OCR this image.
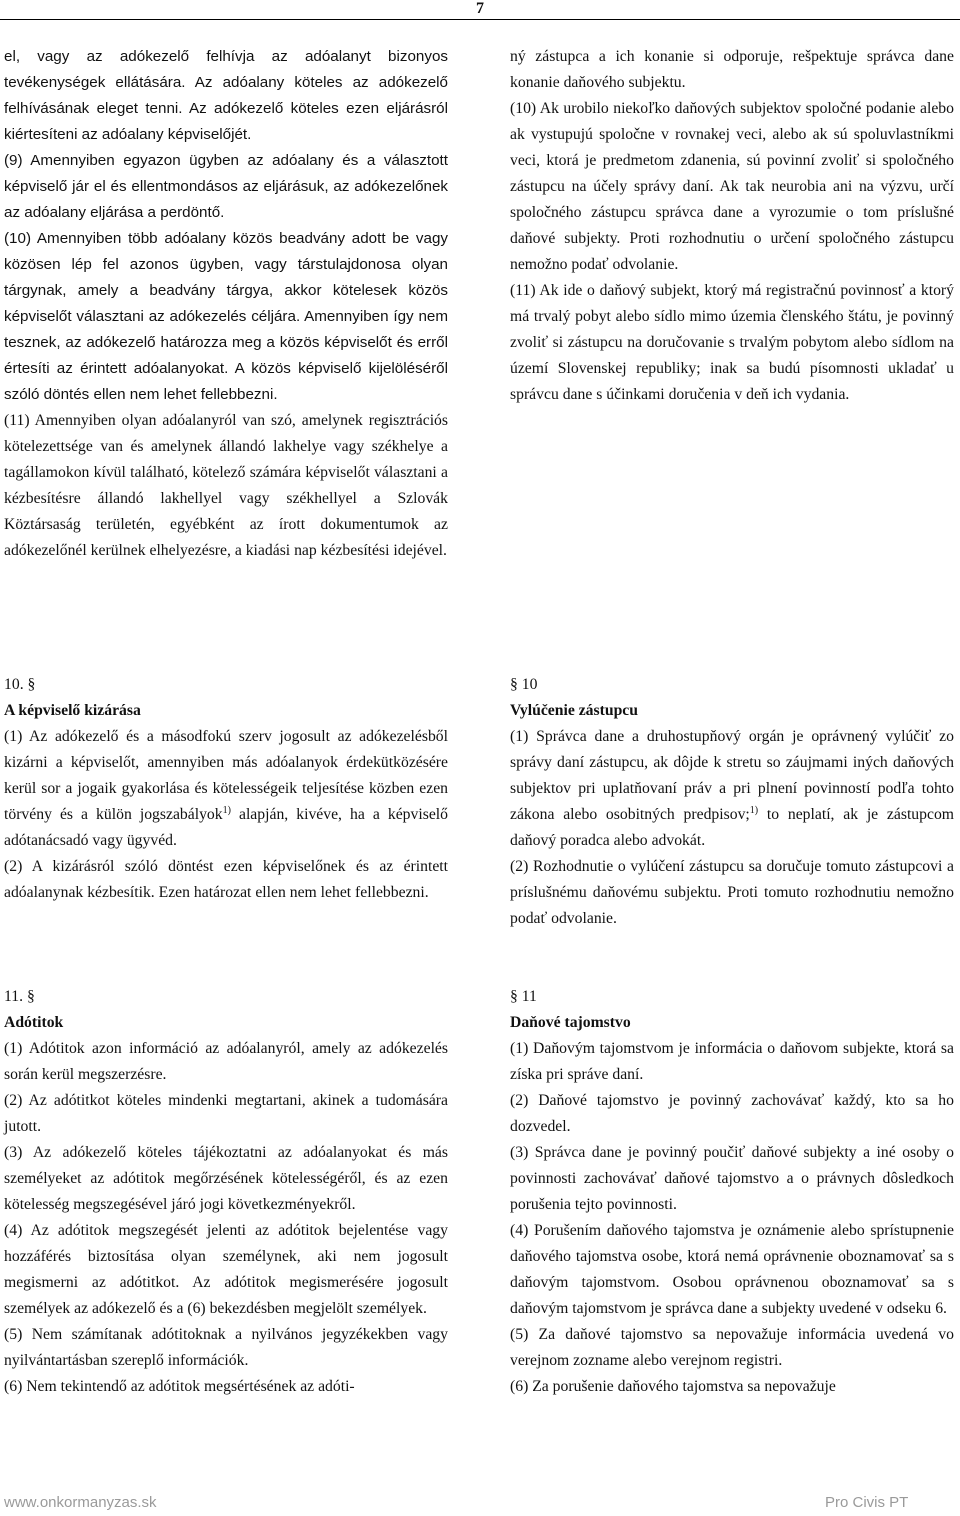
7

el, vagy az adókezelő felhívja az adóalanyt bizonyos tevékenységek ellátására. Az adóalany köteles az adókezelő felhívásának eleget tenni. Az adókezelő köteles ezen eljárásról kiértesíteni az adóalany képviselőjét.

(9) Amennyiben egyazon ügyben az adóalany és a választott képviselő jár el és ellentmondásos az eljárásuk, az adókezelőnek az adóalany eljárása a perdöntő.

(10) Amennyiben több adóalany közös beadvány adott be vagy közösen lép fel azonos ügyben, vagy társtulajdonosa olyan tárgynak, amely a beadvány tárgya, akkor kötelesek közös képviselőt választani az adókezelés céljára. Amennyiben így nem tesznek, az adókezelő határozza meg a közös képviselőt és erről értesíti az érintett adóalanyokat. A közös képviselő kijelöléséről szóló döntés ellen nem lehet fellebbezni.

(11) Amennyiben olyan adóalanyról van szó, amelynek regisztrációs kötelezettsége van és amelynek állandó lakhelye vagy székhelye a tagállamokon kívül található, kötelező számára képviselőt választani a kézbesítésre állandó lakhellyel vagy székhellyel a Szlovák Köztársaság területén, egyébként az írott dokumentumok az adókezelőnél kerülnek elhelyezésre, a kiadási nap kézbesítési idejével.

ný zástupca a ich konanie si odporuje, rešpektuje správca dane konanie daňového subjektu.

(10) Ak urobilo niekoľko daňových subjektov spoločné podanie alebo ak vystupujú spoločne v rovnakej veci, alebo ak sú spoluvlastníkmi veci, ktorá je predmetom zdanenia, sú povinní zvoliť si spoločného zástupcu na účely správy daní. Ak tak neurobia ani na výzvu, určí spoločného zástupcu správca dane a vyrozumie o tom príslušné daňové subjekty. Proti rozhodnutiu o určení spoločného zástupcu nemožno podať odvolanie.

(11) Ak ide o daňový subjekt, ktorý má registračnú povinnosť a ktorý má trvalý pobyt alebo sídlo mimo územia členského štátu, je povinný zvoliť si zástupcu na doručovanie s trvalým pobytom alebo sídlom na území Slovenskej republiky; inak sa budú písomnosti ukladať u správcu dane s účinkami doručenia v deň ich vydania.

10. §

A képviselő kizárása

(1) Az adókezelő és a másodfokú szerv jogosult az adókezelésből kizárni a képviselőt, amennyiben más adóalanyok érdekütközésére kerül sor a jogaik gyakorlása és kötelességeik teljesítése közben ezen törvény és a külön jogszabályok$^{1)}$ alapján, kivéve, ha a képviselő adótanácsadó vagy ügyvéd.

(2) A kizárásról szóló döntést ezen képviselőnek és az érintett adóalanynak kézbesítik. Ezen határozat ellen nem lehet fellebbezni.

§ 10

Vylúčenie zástupcu

(1) Správca dane a druhostupňový orgán je oprávnený vylúčiť zo správy daní zástupcu, ak dôjde k stretu so záujmami iných daňových subjektov pri uplatňovaní práv a pri plnení povinností podľa tohto zákona alebo osobitných predpisov;$^{1)}$ to neplatí, ak je zástupcom daňový poradca alebo advokát.

(2) Rozhodnutie o vylúčení zástupcu sa doručuje tomuto zástupcovi a príslušnému daňovému subjektu. Proti tomuto rozhodnutiu nemožno podať odvolanie.

11. §

Adótitok

(1) Adótitok azon információ az adóalanyról, amely az adókezelés során kerül megszerzésre.

(2) Az adótitkot köteles mindenki megtartani, akinek a tudomására jutott.

(3) Az adókezelő köteles tájékoztatni az adóalanyokat és más személyeket az adótitok megőrzésének kötelességéről, és az ezen kötelesség megszegésével járó jogi következményekről.

(4) Az adótitok megszegését jelenti az adótitok bejelentése vagy hozzáférés biztosítása olyan személynek, aki nem jogosult megismerni az adótitkot. Az adótitok megismerésére jogosult személyek az adókezelő és a (6) bekezdésben megjelölt személyek.

(5) Nem számítanak adótitoknak a nyilvános jegyzékekben vagy nyilvántartásban szereplő információk.

(6) Nem tekintendő az adótitok megsértésének az adóti-

§ 11

Daňové tajomstvo

(1) Daňovým tajomstvom je informácia o daňovom subjekte, ktorá sa získa pri správe daní.

(2) Daňové tajomstvo je povinný zachovávať každý, kto sa ho dozvedel.

(3) Správca dane je povinný poučiť daňové subjekty a iné osoby o povinnosti zachovávať daňové tajomstvo a o právnych dôsledkoch porušenia tejto povinnosti.

(4) Porušením daňového tajomstva je oznámenie alebo sprístupnenie daňového tajomstva osobe, ktorá nemá oprávnenie oboznamovať sa s daňovým tajomstvom. Osobou oprávnenou oboznamovať sa s daňovým tajomstvom je správca dane a subjekty uvedené v odseku 6.

(5) Za daňové tajomstvo sa nepovažuje informácia uvedená vo verejnom zozname alebo verejnom registri.

(6) Za porušenie daňového tajomstva sa nepovažuje

www.onkormanyzas.sk	Pro Civis PT
